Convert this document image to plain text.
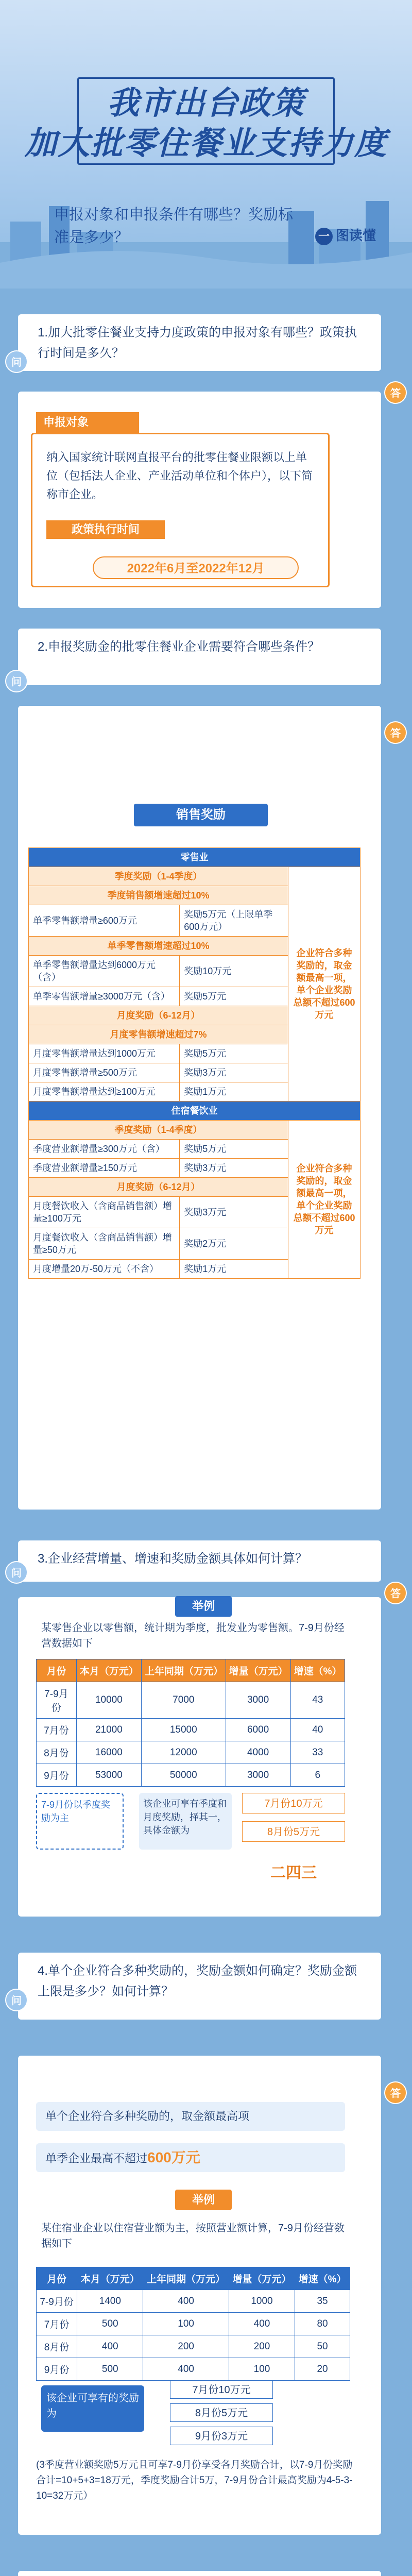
我市出台政策
加大批零住餐业支持力度
申报对象和申报条件有哪些？奖励标准是多少？	一 图读懂
1.加大批零住餐业支持力度政策的申报对象有哪些？政策执行时间是多久？
问
答
申报对象
纳入国家统计联网直报平台的批零住餐业限额以上单位（包括法人企业、产业活动单位和个体户），以下简称市企业。
政策执行时间
2022年6月至2022年12月
2.申报奖励金的批零住餐业企业需要符合哪些条件？
问
答
销售奖励
零售业		
季度奖励（1-4季度）		企业符合多种奖励的，取金额最高一项，单个企业奖励总额不超过600万元
季度销售额增速超过10%		
单季零售额增量≥600万元	奖励5万元（上限单季600万元）	
单季零售额增速超过10%		
单季零售额增量达到6000万元（含）	奖励10万元	
单季零售额增量≥3000万元（含）	奖励5万元	
月度奖励（6-12月）		
月度零售额增速超过7%		
月度零售额增量达到1000万元	奖励5万元	
月度零售额增量≥500万元	奖励3万元	
月度零售额增量达到≥100万元	奖励1万元	
住宿餐饮业		
季度奖励（1-4季度）		企业符合多种奖励的，取金额最高一项，单个企业奖励总额不超过600万元
季度营业额增量≥300万元（含）	奖励5万元	
季度营业额增量≥150万元	奖励3万元	
月度奖励（6-12月）		
月度餐饮收入（含商品销售额）增量≥100万元	奖励3万元	
月度餐饮收入（含商品销售额）增量≥50万元	奖励2万元	
月度增量20万-50万元（不含）	奖励1万元	
3.企业经营增量、增速和奖励金额具体如何计算？
问
答
举例
某零售企业以零售额，统计期为季度，批发业为零售额。7-9月份经营数据如下
月份	本月（万元）	上年同期（万元）	增量（万元）	增速（%）
7-9月份	10000	7000	3000	43
7月份	21000	15000	6000	40
8月份	16000	12000	4000	33
9月份	53000	50000	3000	6
7-9月份以季度奖励为主
该企业可享有季度和月度奖励，择其一，具体金额为
7月份10万元
8月份5万元
二四三
4.单个企业符合多种奖励的，奖励金额如何确定？奖励金额上限是多少？如何计算？
问
答
单个企业符合多种奖励的，取金额最高项
单季企业最高不超过600万元
举例
某住宿业企业以住宿营业额为主，按照营业额计算，7-9月份经营数据如下
月份	本月（万元）	上年同期（万元）	增量（万元）	增速（%）
7-9月份	1400	400	1000	35
7月份	500	100	400	80
8月份	400	200	200	50
9月份	500	400	100	20
该企业可享有的奖励为
7月份10万元
8月份5万元
9月份3万元
(3季度营业额奖励5万元且可享7-9月份享受各月奖励合计，以7-9月份奖励合计=10+5+3=18万元，季度奖励合计5万，7-9月份合计最高奖励为4-5-3-10=32万元）
